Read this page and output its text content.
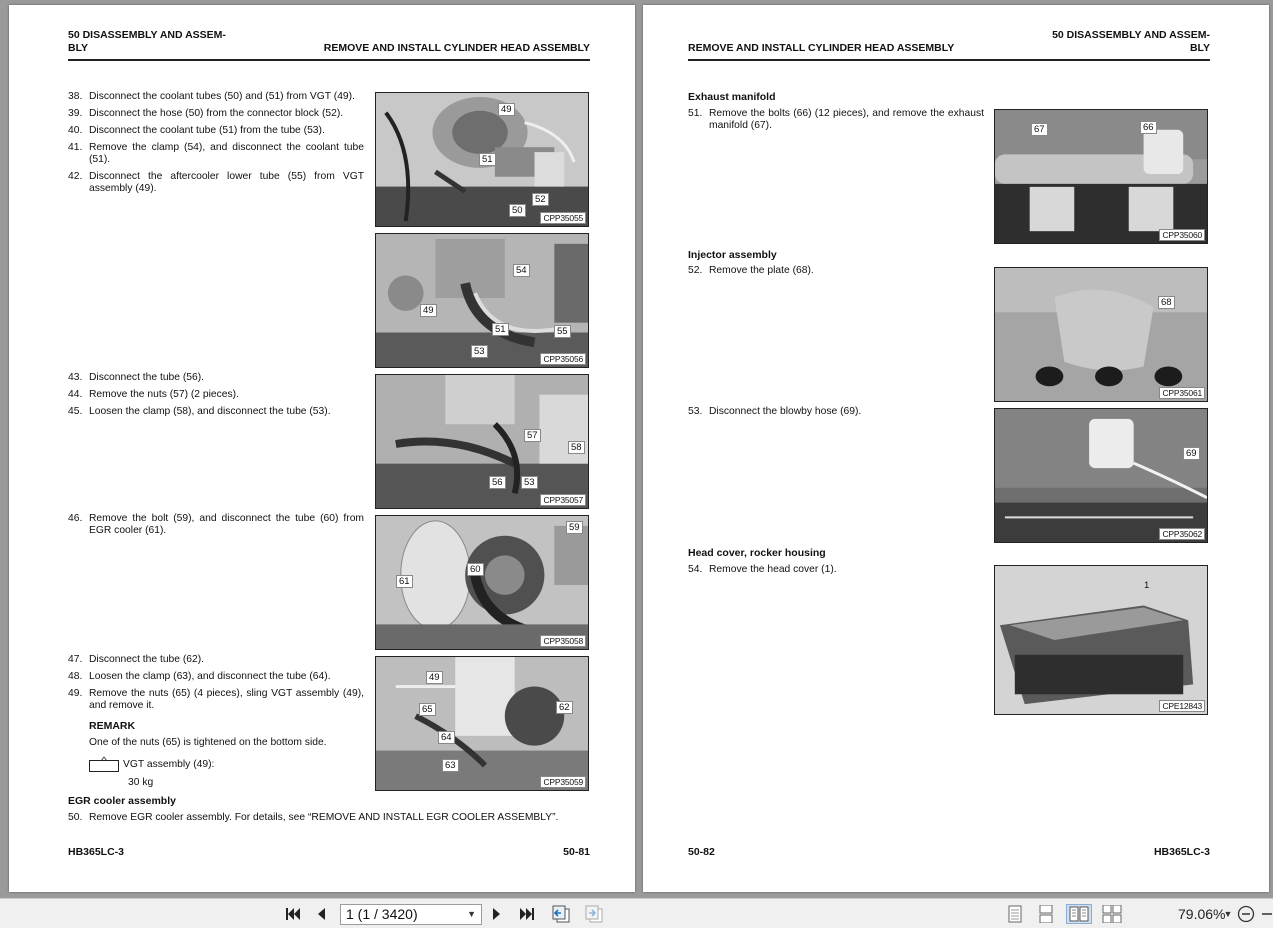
50 DISASSEMBLY AND ASSEM-
BLY	REMOVE AND INSTALL CYLINDER HEAD ASSEMBLY
38. Disconnect the coolant tubes (50) and (51) from VGT (49).
39. Disconnect the hose (50) from the connector block (52).
40. Disconnect the coolant tube (51) from the tube (53).
41. Remove the clamp (54), and disconnect the coolant tube (51).
42. Disconnect the aftercooler lower tube (55) from VGT assembly (49).
43. Disconnect the tube (56).
44. Remove the nuts (57) (2 pieces).
45. Loosen the clamp (58), and disconnect the tube (53).
46. Remove the bolt (59), and disconnect the tube (60) from EGR cooler (61).
47. Disconnect the tube (62).
48. Loosen the clamp (63), and disconnect the tube (64).
49. Remove the nuts (65) (4 pieces), sling VGT assembly (49), and remove it.
REMARK
One of the nuts (65) is tightened on the bottom side.
VGT assembly (49):
30 kg
EGR cooler assembly
50. Remove EGR cooler assembly. For details, see “REMOVE AND INSTALL EGR COOLER ASSEMBLY”.
49
51
52
50
CPP35055
54
49
51	55
53
CPP35056
57
58
56	53
CPP35057
59
61
60
CPP35058
49
65	62
64
63
CPP35059
HB365LC-3	50-81
REMOVE AND INSTALL CYLINDER HEAD ASSEMBLY
50 DISASSEMBLY AND ASSEM-
BLY
Exhaust manifold
51. Remove the bolts (66) (12 pieces), and remove the exhaust manifold (67).
Injector assembly
52. Remove the plate (68).
53. Disconnect the blowby hose (69).
Head cover, rocker housing
54. Remove the head cover (1).
67	66
CPP35060
68
CPP35061
69
CPP35062
1
CPE12843
50-82	HB365LC-3
1 (1 / 3420)	▼	79.06%
▼
